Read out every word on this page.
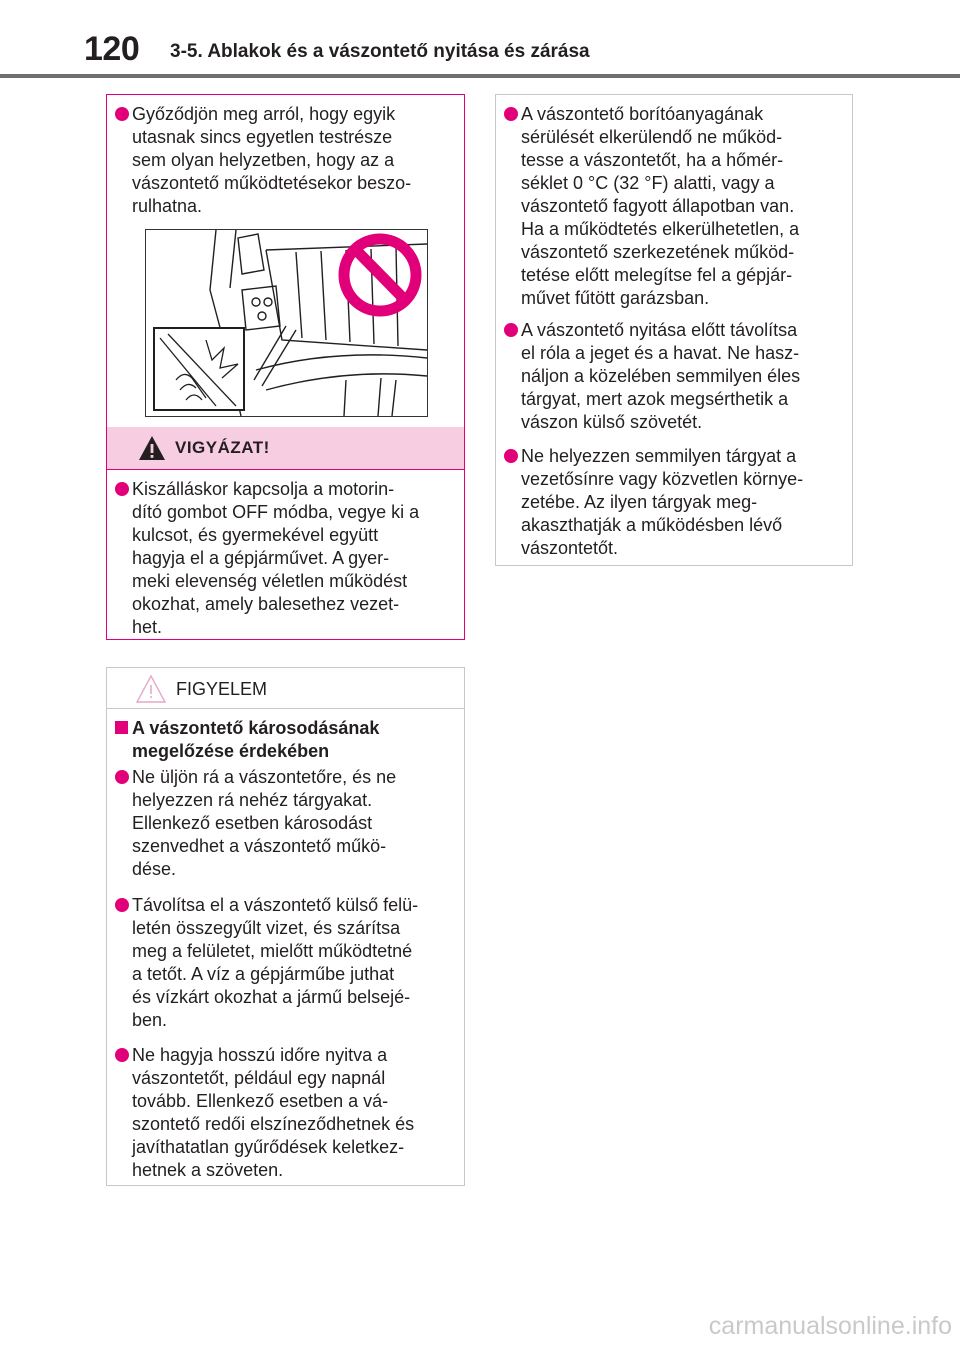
120 3-5. Ablakok és a vászontető nyitása és zárása
Győződjön meg arról, hogy egyik
utasnak sincs egyetlen testrésze
sem olyan helyzetben, hogy az a
vászontető működtetésekor beszo-
rulhatna.
VIGYÁZAT!
Kiszálláskor kapcsolja a motorin-
dító gombot OFF módba, vegye ki a
kulcsot, és gyermekével együtt
hagyja el a gépjárművet. A gyer-
meki elevenség véletlen működést
okozhat, amely balesethez vezet-
het.
FIGYELEM
A vászontető károsodásának
megelőzése érdekében
Ne üljön rá a vászontetőre, és ne
helyezzen rá nehéz tárgyakat.
Ellenkező esetben károsodást
szenvedhet a vászontető műkö-
dése.
Távolítsa el a vászontető külső felü-
letén összegyűlt vizet, és szárítsa
meg a felületet, mielőtt működtetné
a tetőt. A víz a gépjárműbe juthat
és vízkárt okozhat a jármű belsejé-
ben.
Ne hagyja hosszú időre nyitva a
vászontetőt, például egy napnál
tovább. Ellenkező esetben a vá-
szontető redői elszíneződhetnek és
javíthatatlan gyűrődések keletkez-
hetnek a szöveten.
A vászontető borítóanyagának
sérülését elkerülendő ne működ-
tesse a vászontetőt, ha a hőmér-
séklet 0 °C (32 °F) alatti, vagy a
vászontető fagyott állapotban van.
Ha a működtetés elkerülhetetlen, a
vászontető szerkezetének működ-
tetése előtt melegítse fel a gépjár-
művet fűtött garázsban.
A vászontető nyitása előtt távolítsa
el róla a jeget és a havat. Ne hasz-
náljon a közelében semmilyen éles
tárgyat, mert azok megsérthetik a
vászon külső szövetét.
Ne helyezzen semmilyen tárgyat a
vezetősínre vagy közvetlen környe-
zetébe. Az ilyen tárgyak meg-
akaszthatják a működésben lévő
vászontetőt.
carmanualsonline.info
